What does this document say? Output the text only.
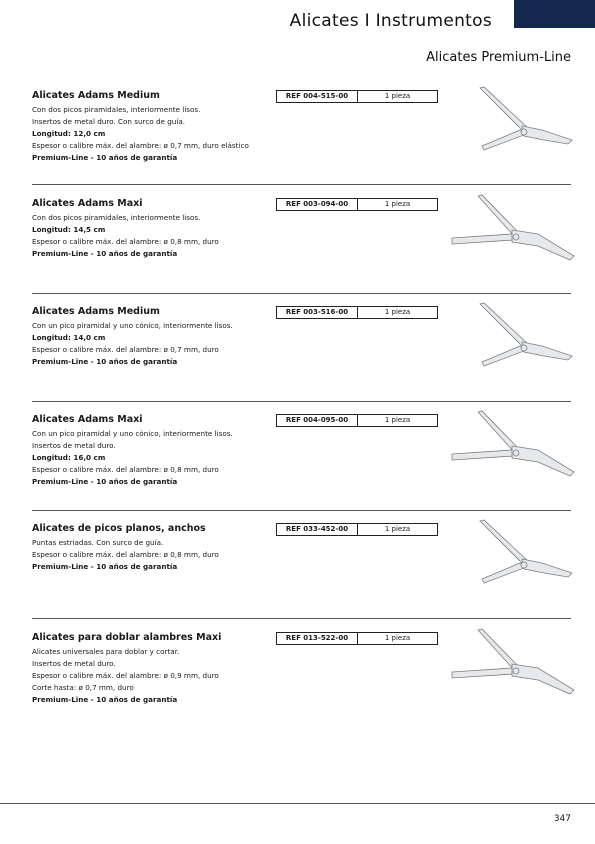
Alicates I Instrumentos
Alicates Premium-Line
Alicates Adams Medium
Con dos picos piramidales, interiormente lisos.
Insertos de metal duro. Con surco de guía.
Longitud: 12,0 cm
Espesor o calibre máx. del alambre: ø 0,7 mm, duro elástico
Premium-Line - 10 años de garantía
REF 004-515-00	1 pieza
Alicates Adams Maxi
Con dos picos piramidales, interiormente lisos.
Longitud: 14,5 cm
Espesor o calibre máx. del alambre: ø 0,8 mm, duro
Premium-Line - 10 años de garantía
REF 003-094-00	1 pieza
Alicates Adams Medium
Con un pico piramidal y uno cónico, interiormente lisos.
Longitud: 14,0 cm
Espesor o calibre máx. del alambre: ø 0,7 mm, duro
Premium-Line - 10 años de garantía
REF 003-516-00	1 pieza
Alicates Adams Maxi
Con un pico piramidal y uno cónico, interiormente lisos.
Insertos de metal duro.
Longitud: 16,0 cm
Espesor o calibre máx. del alambre: ø 0,8 mm, duro
Premium-Line - 10 años de garantía
REF 004-095-00	1 pieza
Alicates de picos planos, anchos
Puntas estriadas. Con surco de guía.
Espesor o calibre máx. del alambre: ø 0,8 mm, duro
Premium-Line - 10 años de garantía
REF 033-452-00	1 pieza
Alicates para doblar alambres Maxi
Alicates universales para doblar y cortar.
Insertos de metal duro.
Espesor o calibre máx. del alambre: ø 0,9 mm, duro
Corte hasta: ø 0,7 mm, duro
Premium-Line - 10 años de garantía
REF 013-522-00	1 pieza
347
